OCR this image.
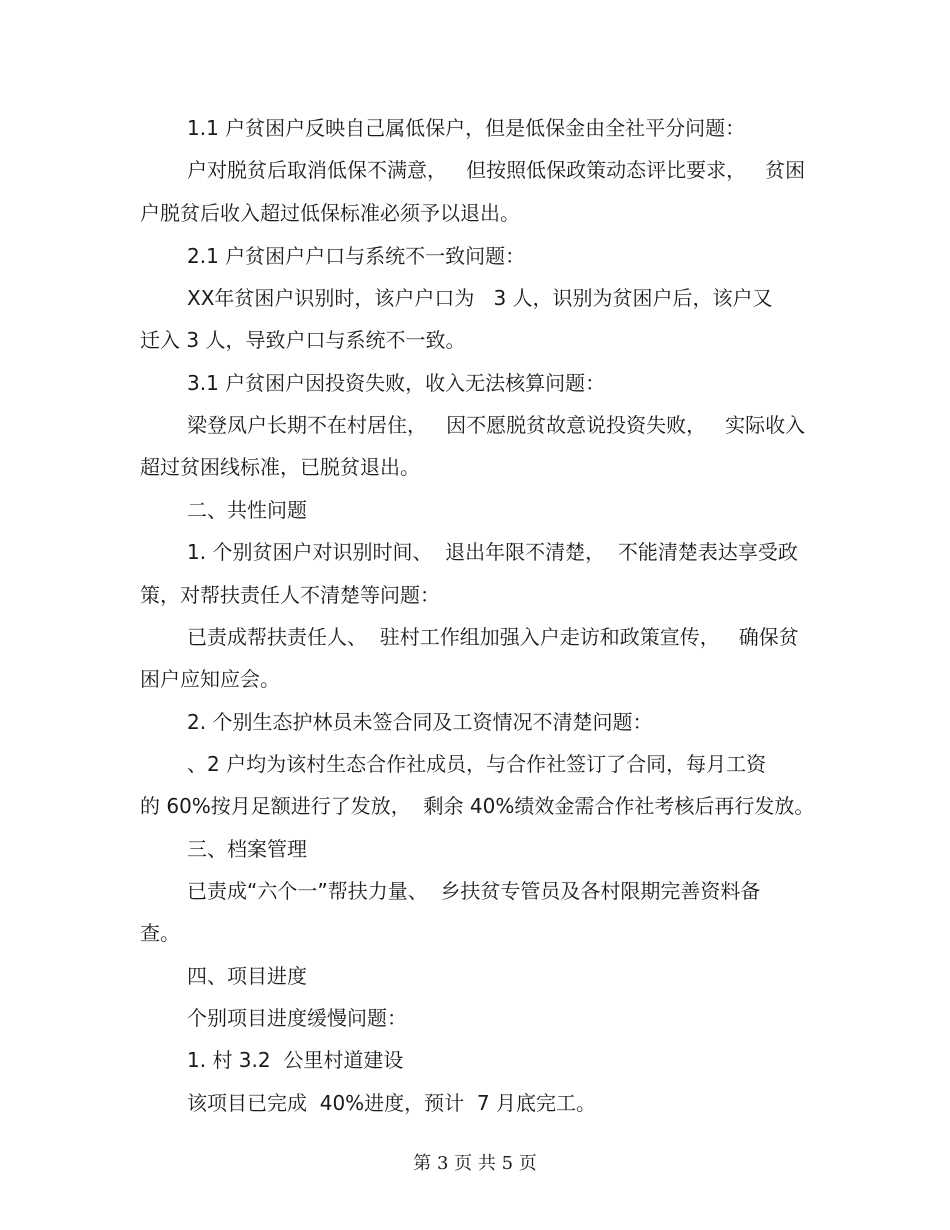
1.1 户贫困户反映自己属低保户，但是低保金由全社平分问题：
户对脱贫后取消低保不满意，   但按照低保政策动态评比要求，   贫困
户脱贫后收入超过低保标准必须予以退出。
2.1 户贫困户户口与系统不一致问题：
XX年贫困户识别时，该户户口为   3 人，识别为贫困户后，该户又
迁入 3 人，导致户口与系统不一致。
3.1 户贫困户因投资失败，收入无法核算问题：
梁登凤户长期不在村居住，   因不愿脱贫故意说投资失败，   实际收入
超过贫困线标准，已脱贫退出。
二、共性问题
1. 个别贫困户对识别时间、  退出年限不清楚，  不能清楚表达享受政
策，对帮扶责任人不清楚等问题：
已责成帮扶责任人、  驻村工作组加强入户走访和政策宣传，   确保贫
困户应知应会。
2. 个别生态护林员未签合同及工资情况不清楚问题：
、2 户均为该村生态合作社成员，与合作社签订了合同，每月工资
的 60%按月足额进行了发放，  剩余 40%绩效金需合作社考核后再行发放。
三、档案管理
已责成“六个一”帮扶力量、  乡扶贫专管员及各村限期完善资料备
查。
四、项目进度
个别项目进度缓慢问题：
1. 村 3.2  公里村道建设
该项目已完成  40%进度，预计  7 月底完工。
第 3 页 共 5 页
